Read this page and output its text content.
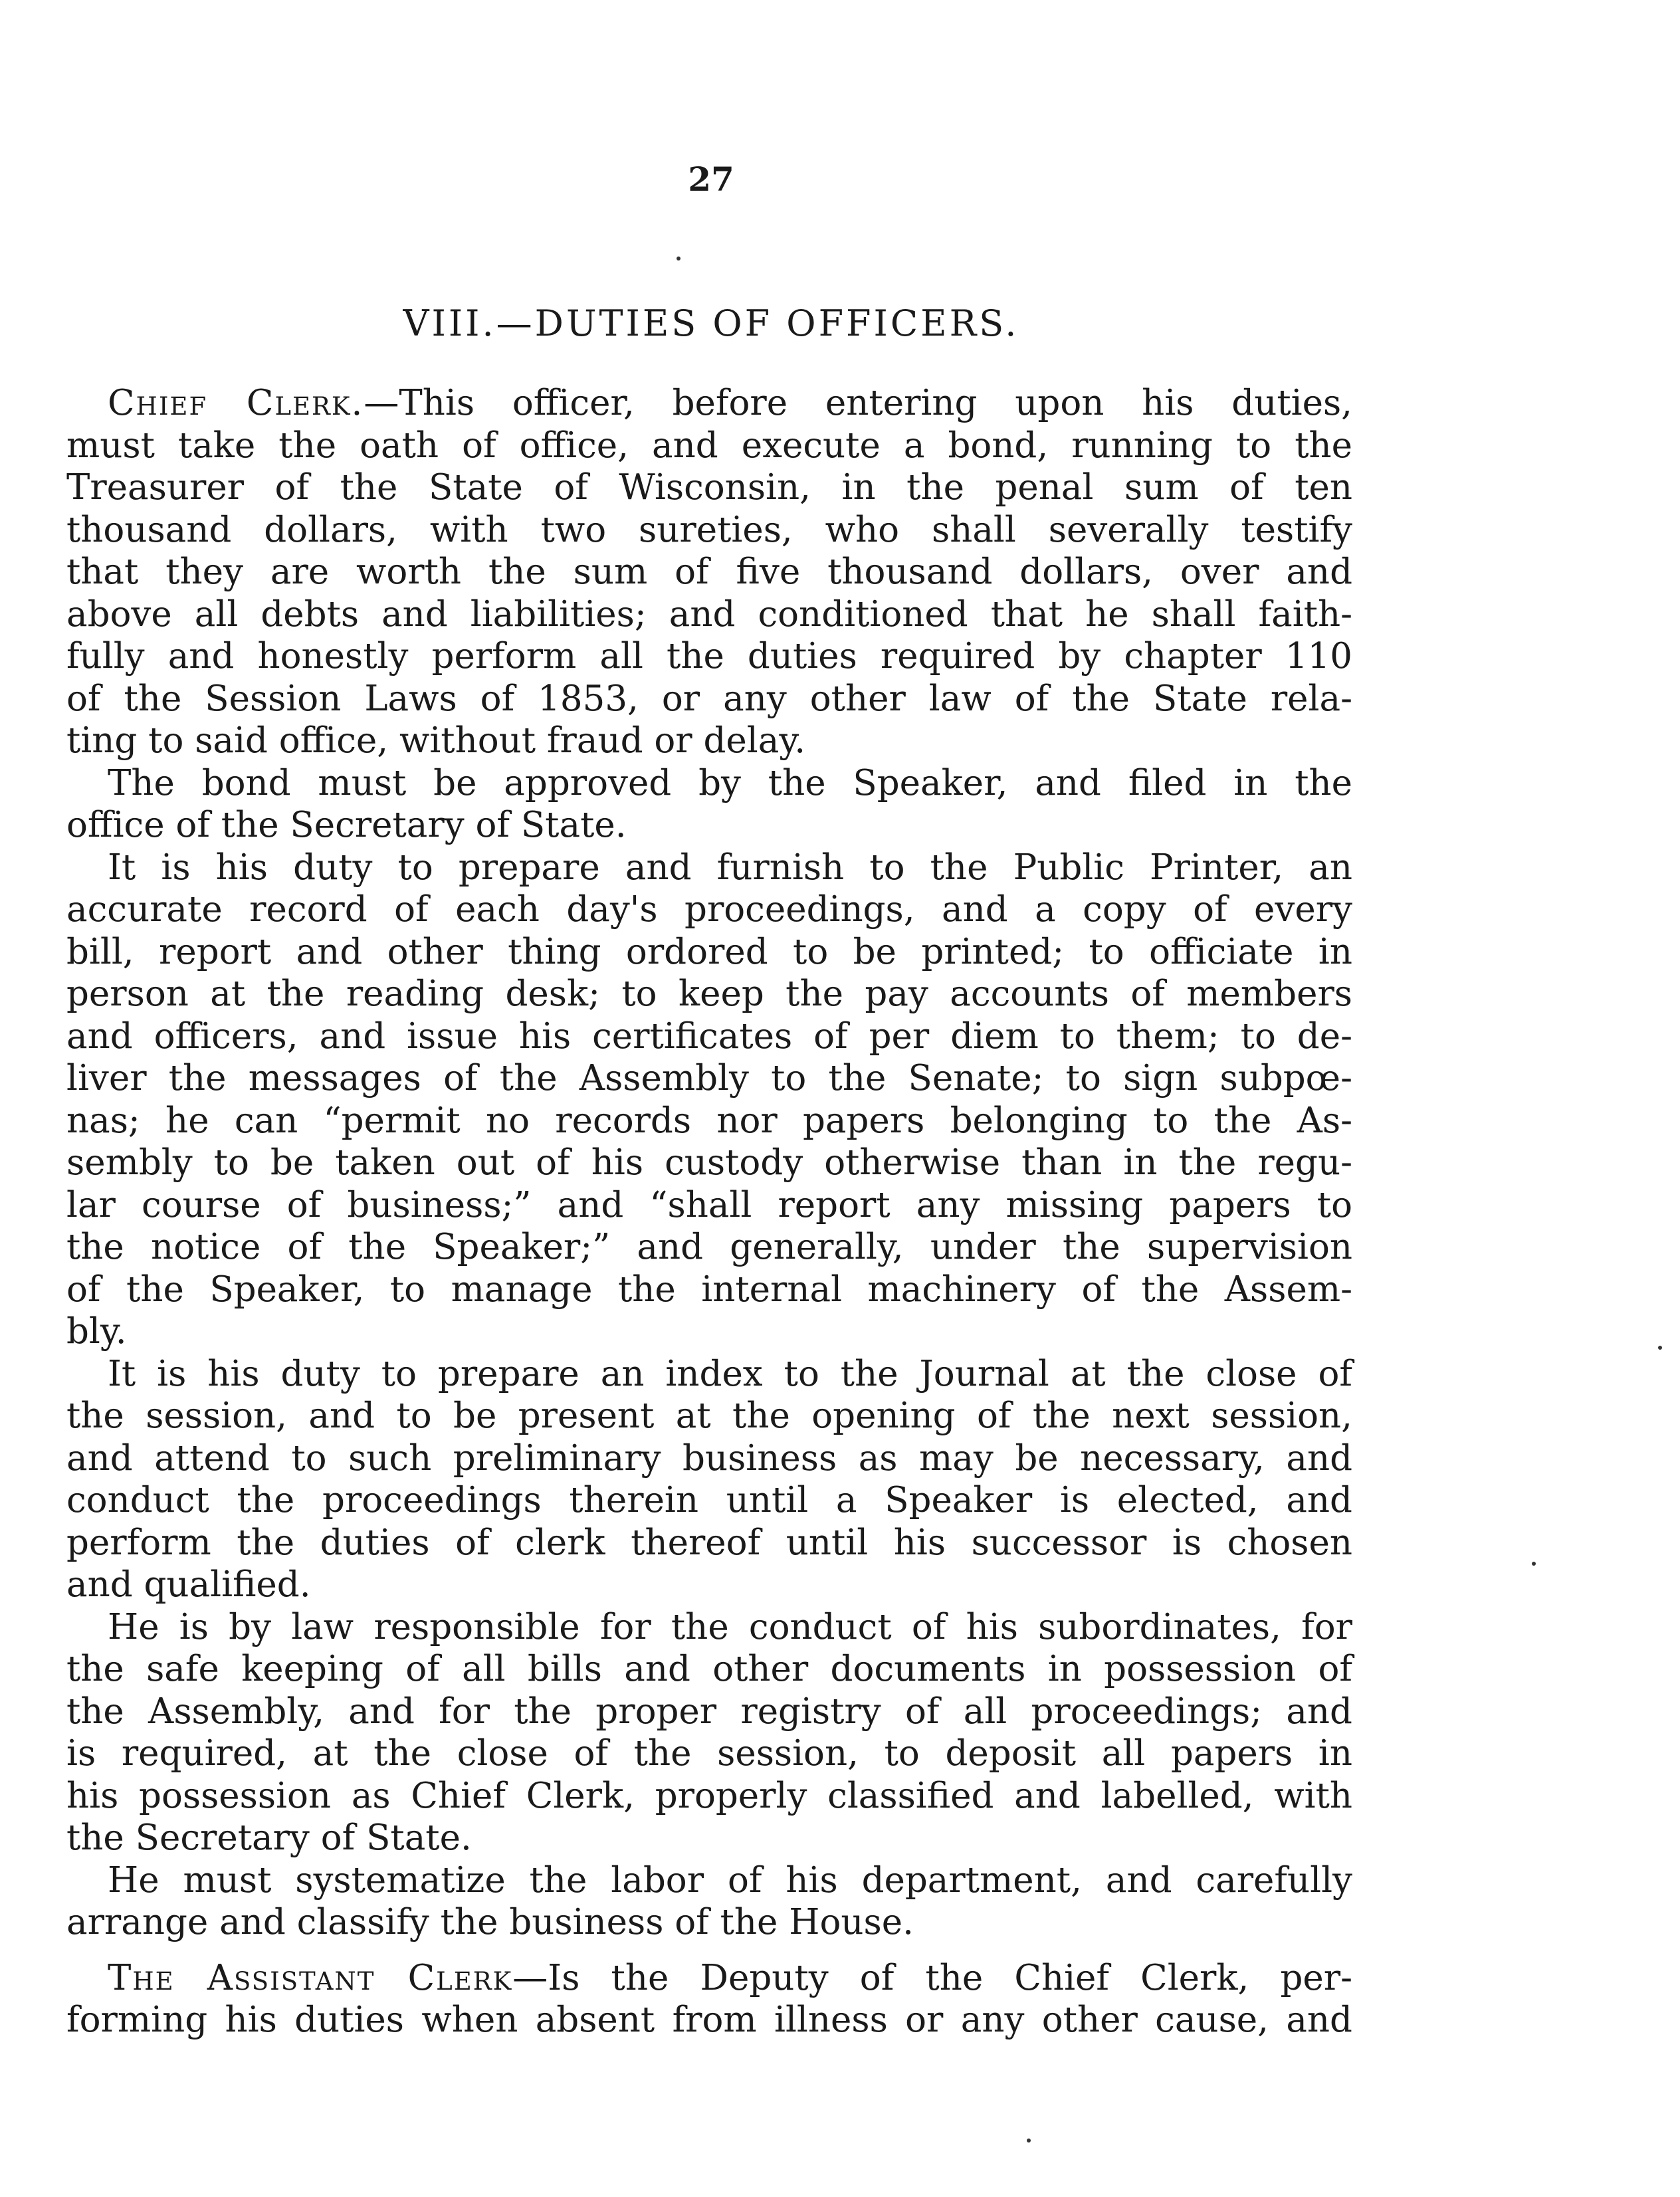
27
VIII.—DUTIES OF OFFICERS.

Chief Clerk.—This officer, before entering upon his duties,
must take the oath of office, and execute a bond, running to the
Treasurer of the State of Wisconsin, in the penal sum of ten
thousand dollars, with two sureties, who shall severally testify
that they are worth the sum of five thousand dollars, over and
above all debts and liabilities; and conditioned that he shall faith-
fully and honestly perform all the duties required by chapter 110
of the Session Laws of 1853, or any other law of the State rela-
ting to said office, without fraud or delay.

The bond must be approved by the Speaker, and filed in the
office of the Secretary of State.

It is his duty to prepare and furnish to the Public Printer, an
accurate record of each day's proceedings, and a copy of every
bill, report and other thing ordored to be printed; to officiate in
person at the reading desk; to keep the pay accounts of members
and officers, and issue his certificates of per diem to them; to de-
liver the messages of the Assembly to the Senate; to sign subpœ-
nas; he can “permit no records nor papers belonging to the As-
sembly to be taken out of his custody otherwise than in the regu-
lar course of business;” and “shall report any missing papers to
the notice of the Speaker;” and generally, under the supervision
of the Speaker, to manage the internal machinery of the Assem-
bly.

It is his duty to prepare an index to the Journal at the close of
the session, and to be present at the opening of the next session,
and attend to such preliminary business as may be necessary, and
conduct the proceedings therein until a Speaker is elected, and
perform the duties of clerk thereof until his successor is chosen
and qualified.

He is by law responsible for the conduct of his subordinates, for
the safe keeping of all bills and other documents in possession of
the Assembly, and for the proper registry of all proceedings; and
is required, at the close of the session, to deposit all papers in
his possession as Chief Clerk, properly classified and labelled, with
the Secretary of State.

He must systematize the labor of his department, and carefully
arrange and classify the business of the House.

The Assistant Clerk—Is the Deputy of the Chief Clerk, per-
forming his duties when absent from illness or any other cause, and
